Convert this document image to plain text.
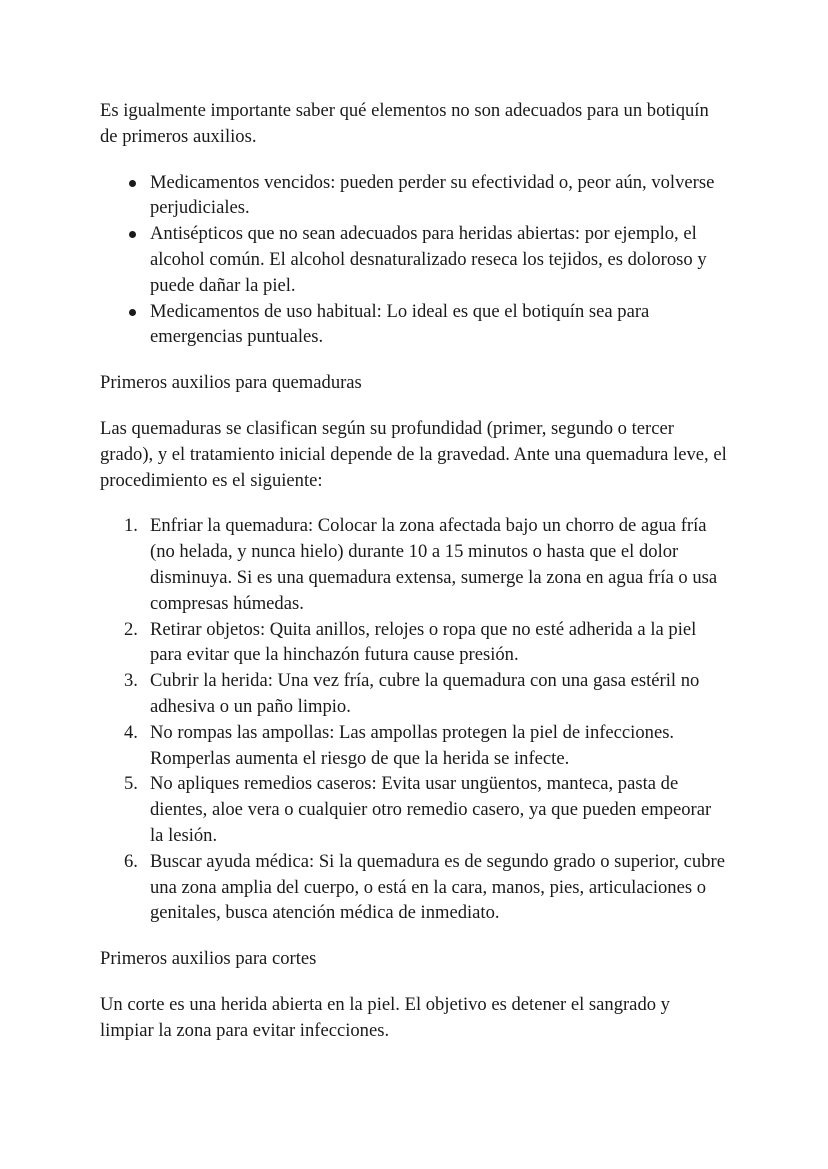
Es igualmente importante saber qué elementos no son adecuados para un botiquín de primeros auxilios.

Medicamentos vencidos: pueden perder su efectividad o, peor aún, volverse perjudiciales.
Antisépticos que no sean adecuados para heridas abiertas: por ejemplo, el alcohol común. El alcohol desnaturalizado reseca los tejidos, es doloroso y puede dañar la piel.
Medicamentos de uso habitual: Lo ideal es que el botiquín sea para emergencias puntuales.

Primeros auxilios para quemaduras

Las quemaduras se clasifican según su profundidad (primer, segundo o tercer grado), y el tratamiento inicial depende de la gravedad. Ante una quemadura leve, el procedimiento es el siguiente:

1. Enfriar la quemadura: Colocar la zona afectada bajo un chorro de agua fría (no helada, y nunca hielo) durante 10 a 15 minutos o hasta que el dolor disminuya. Si es una quemadura extensa, sumerge la zona en agua fría o usa compresas húmedas.
2. Retirar objetos: Quita anillos, relojes o ropa que no esté adherida a la piel para evitar que la hinchazón futura cause presión.
3. Cubrir la herida: Una vez fría, cubre la quemadura con una gasa estéril no adhesiva o un paño limpio.
4. No rompas las ampollas: Las ampollas protegen la piel de infecciones. Romperlas aumenta el riesgo de que la herida se infecte.
5. No apliques remedios caseros: Evita usar ungüentos, manteca, pasta de dientes, aloe vera o cualquier otro remedio casero, ya que pueden empeorar la lesión.
6. Buscar ayuda médica: Si la quemadura es de segundo grado o superior, cubre una zona amplia del cuerpo, o está en la cara, manos, pies, articulaciones o genitales, busca atención médica de inmediato.

Primeros auxilios para cortes

Un corte es una herida abierta en la piel. El objetivo es detener el sangrado y limpiar la zona para evitar infecciones.
